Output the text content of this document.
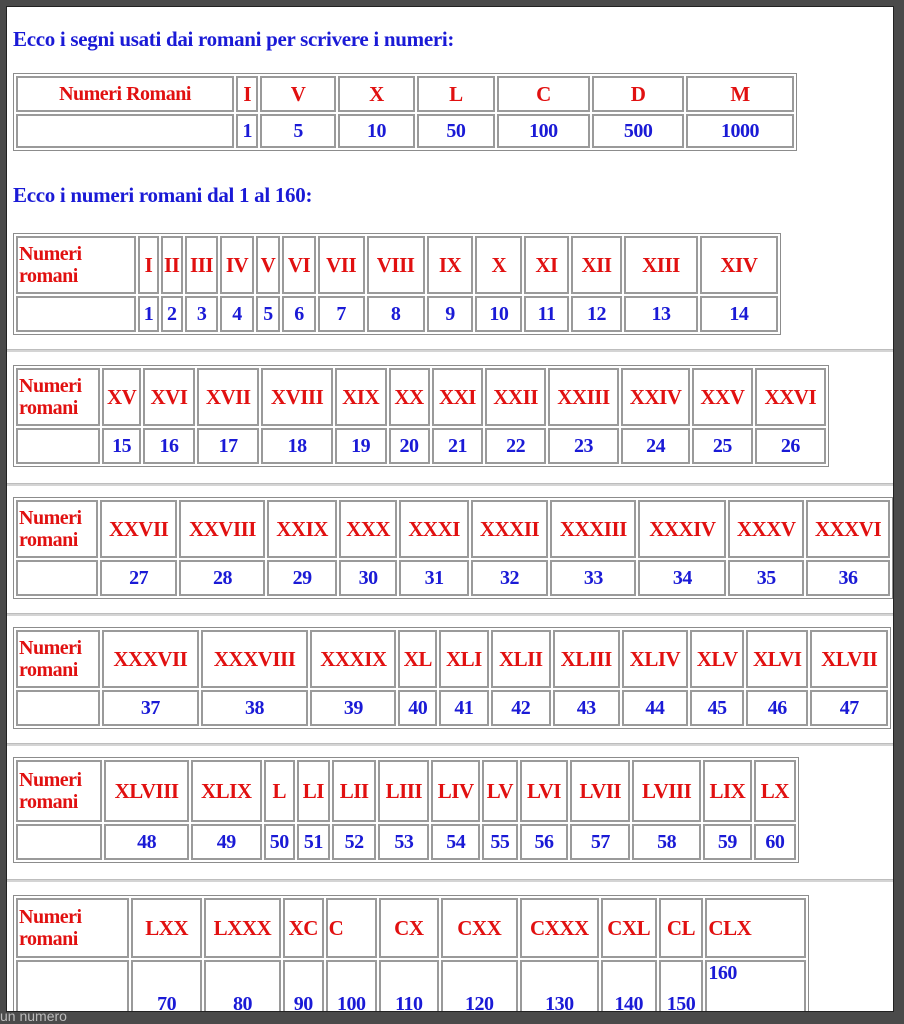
Ecco i segni usati dai romani per scrivere i numeri:
Numeri Romani	I	V	X	L	C	D	M
	1	5	10	50	100	500	1000
Ecco i numeri romani dal 1 al 160:
Numeri
romani	I	II	III	IV	V	VI	VII	VIII	IX	X	XI	XII	XIII	XIV
	1	2	3	4	5	6	7	8	9	10	11	12	13	14
Numeri
romani	XV	XVI	XVII	XVIII	XIX	XX	XXI	XXII	XXIII	XXIV	XXV	XXVI
	15	16	17	18	19	20	21	22	23	24	25	26
Numeri
romani	XXVII	XXVIII	XXIX	XXX	XXXI	XXXII	XXXIII	XXXIV	XXXV	XXXVI
	27	28	29	30	31	32	33	34	35	36
Numeri
romani	XXXVII	XXXVIII	XXXIX	XL	XLI	XLII	XLIII	XLIV	XLV	XLVI	XLVII
	37	38	39	40	41	42	43	44	45	46	47
Numeri
romani	XLVIII	XLIX	L	LI	LII	LIII	LIV	LV	LVI	LVII	LVIII	LIX	LX
	48	49	50	51	52	53	54	55	56	57	58	59	60
Numeri
romani	LXX	LXXX	XC	C	CX	CXX	CXXX	CXL	CL	CLX
	70	80	90	100	110	120	130	140	150	160
un numero
